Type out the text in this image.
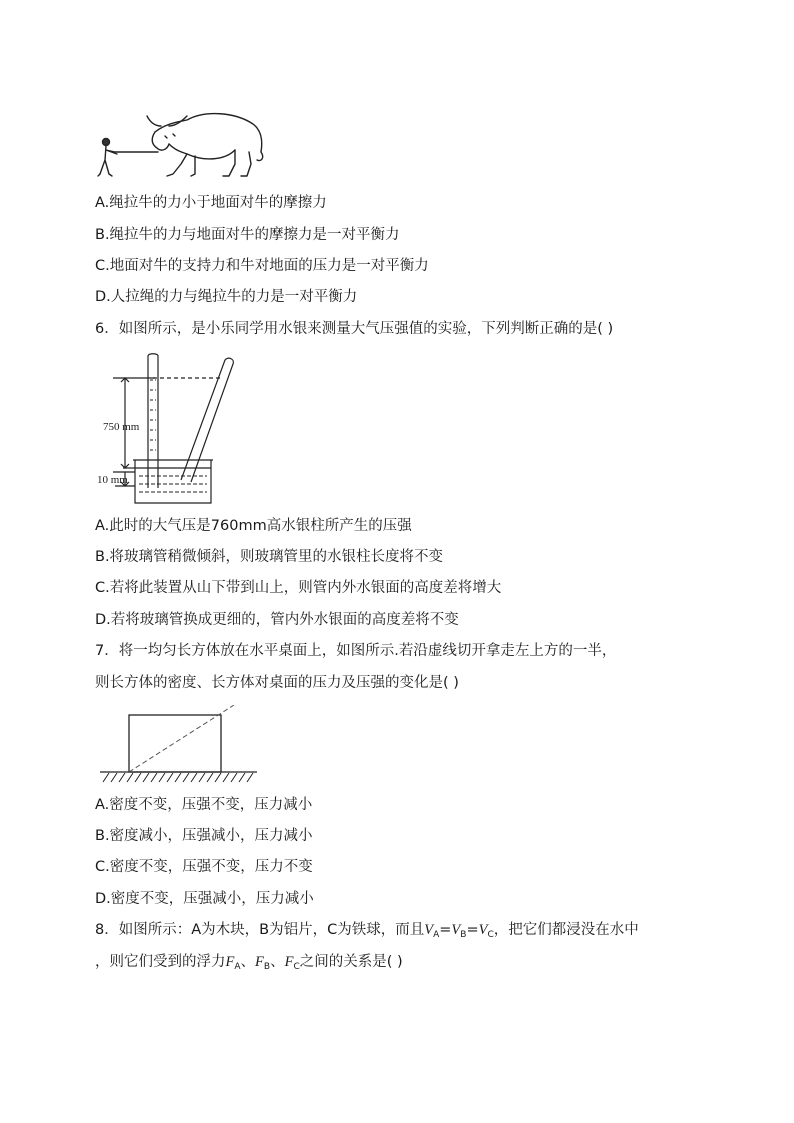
A.绳拉牛的力小于地面对牛的摩擦力
B.绳拉牛的力与地面对牛的摩擦力是一对平衡力
C.地面对牛的支持力和牛对地面的压力是一对平衡力
D.人拉绳的力与绳拉牛的力是一对平衡力
6．如图所示，是小乐同学用水银来测量大气压强值的实验，下列判断正确的是( )
750 mm
10 mm
A.此时的大气压是760mm高水银柱所产生的压强
B.将玻璃管稍微倾斜，则玻璃管里的水银柱长度将不变
C.若将此装置从山下带到山上，则管内外水银面的高度差将增大
D.若将玻璃管换成更细的，管内外水银面的高度差将不变
7．将一均匀长方体放在水平桌面上，如图所示.若沿虚线切开拿走左上方的一半，
则长方体的密度、长方体对桌面的压力及压强的变化是( )
A.密度不变，压强不变，压力减小
B.密度减小，压强减小，压力减小
C.密度不变，压强不变，压力不变
D.密度不变，压强减小，压力减小
8．如图所示：A为木块，B为铝片，C为铁球，而且$V_A=V_B=V_C$，把它们都浸没在水中
，则它们受到的浮力$F_A$、$F_B$、$F_C$之间的关系是( )
